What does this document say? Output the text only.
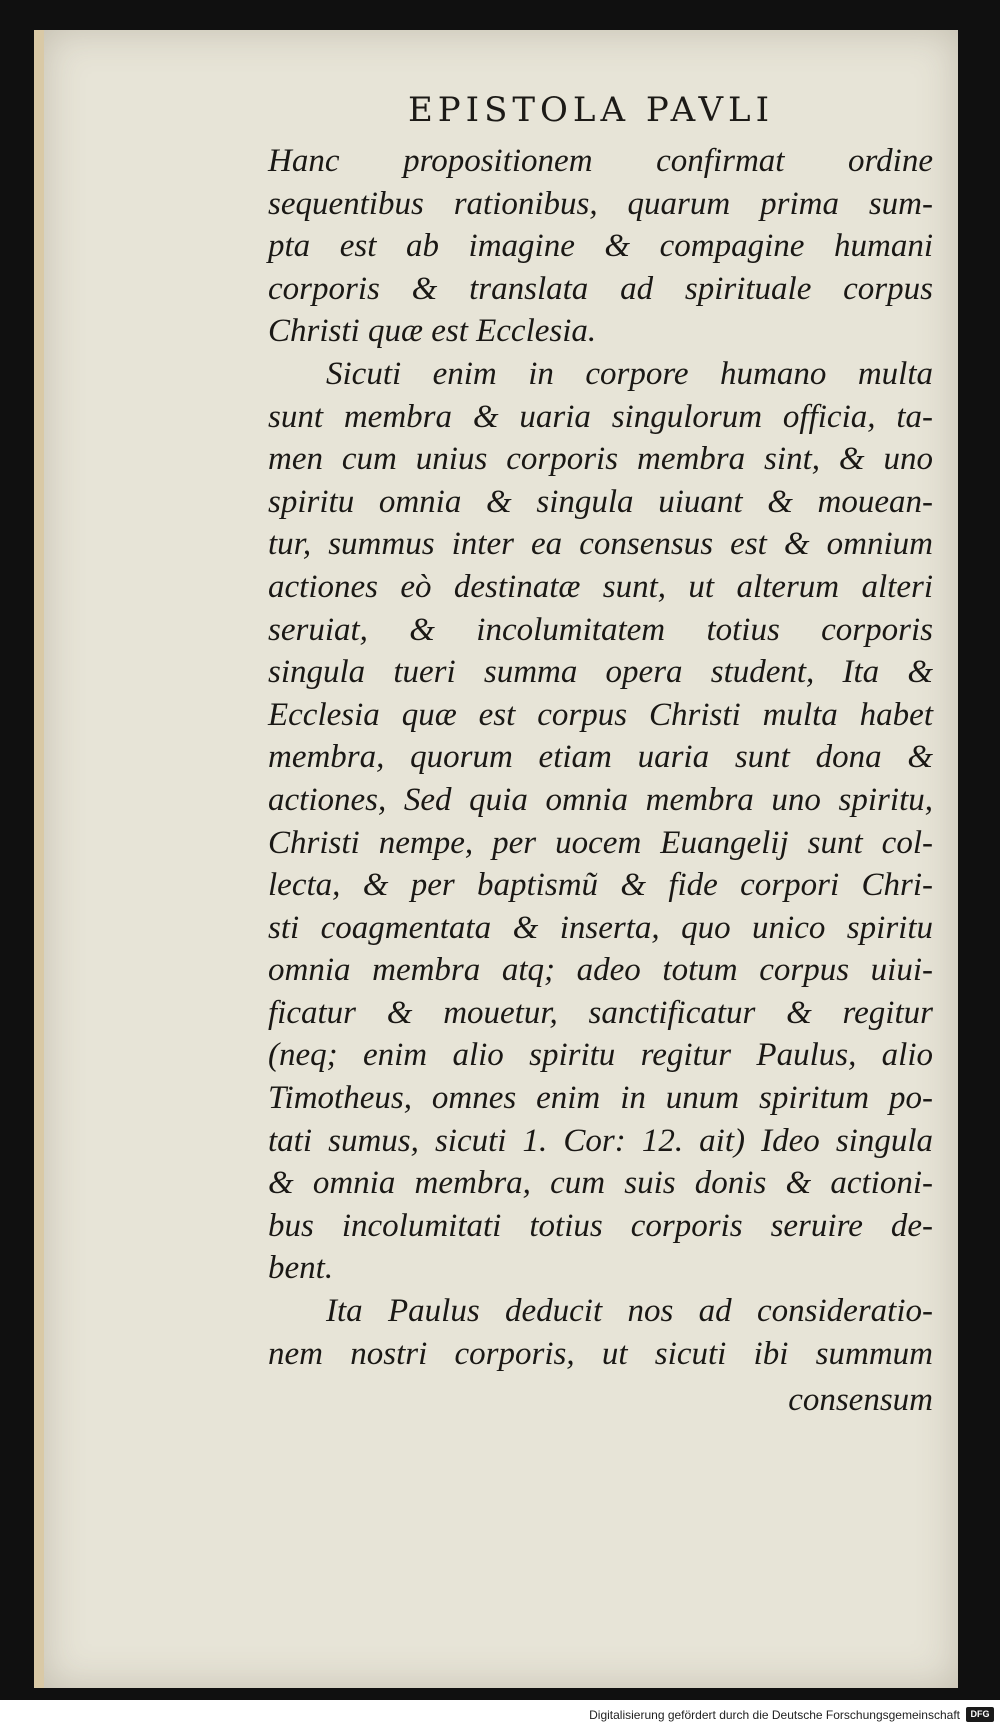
EPISTOLA PAVLI
Hanc propositionem confirmat ordine
sequentibus rationibus, quarum prima sum-
pta est ab imagine & compagine humani
corporis & translata ad spirituale corpus
Christi quæ est Ecclesia.
Sicuti enim in corpore humano multa
sunt membra & uaria singulorum officia, ta-
men cum unius corporis membra sint, & uno
spiritu omnia & singula uiuant & mouean-
tur, summus inter ea consensus est & omnium
actiones eò destinatæ sunt, ut alterum alteri
seruiat, & incolumitatem totius corporis
singula tueri summa opera student, Ita &
Ecclesia quæ est corpus Christi multa habet
membra, quorum etiam uaria sunt dona &
actiones, Sed quia omnia membra uno spiritu,
Christi nempe, per uocem Euangelij sunt col-
lecta, & per baptismũ & fide corpori Chri-
sti coagmentata & inserta, quo unico spiritu
omnia membra atq; adeo totum corpus uiui-
ficatur & mouetur, sanctificatur & regitur
(neq; enim alio spiritu regitur Paulus, alio
Timotheus, omnes enim in unum spiritum po-
tati sumus, sicuti 1. Cor: 12. ait) Ideo singula
& omnia membra, cum suis donis & actioni-
bus incolumitati totius corporis seruire de-
bent.
Ita Paulus deducit nos ad consideratio-
nem nostri corporis, ut sicuti ibi summum
consensum
Digitalisierung gefördert durch die Deutsche Forschungsgemeinschaft	DFG
